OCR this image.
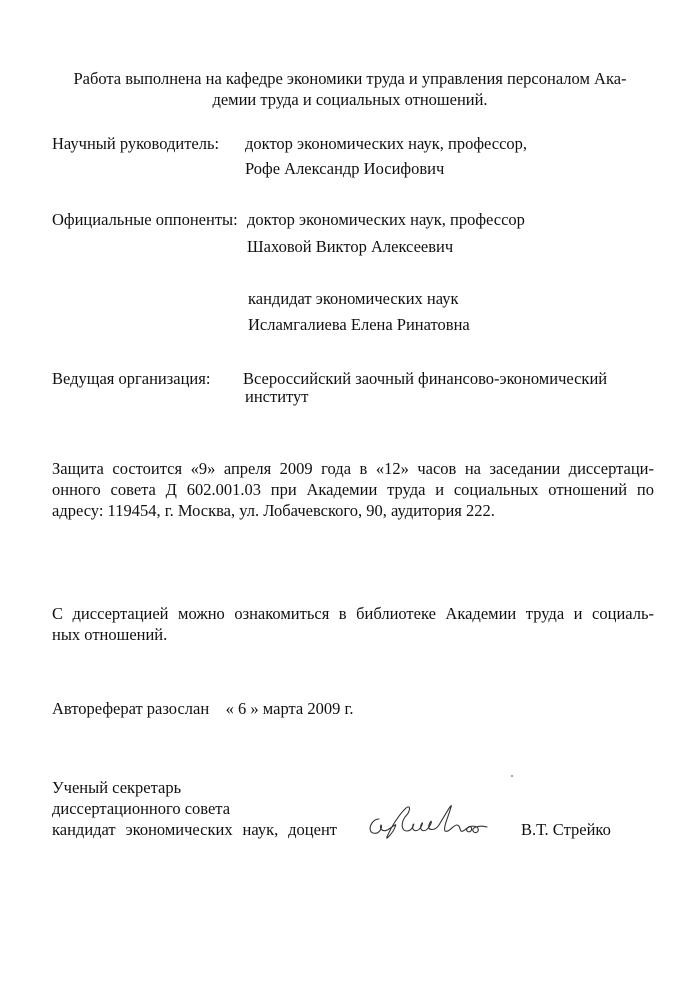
Работа выполнена на кафедре экономики труда и управления персоналом Ака-
демии труда и социальных отношений.
Научный руководитель: доктор экономических наук, профессор,
Рофе Александр Иосифович
Официальные оппоненты: доктор экономических наук, профессор
Шаховой Виктор Алексеевич
кандидат экономических наук
Исламгалиева Елена Ринатовна
Ведущая организация: Всероссийский заочный финансово-экономический
институт
Защита состоится «9» апреля 2009 года в «12» часов на заседании диссертаци-
онного совета Д 602.001.03 при Академии труда и социальных отношений по
адресу: 119454, г. Москва, ул. Лобачевского, 90, аудитория 222.
С диссертацией можно ознакомиться в библиотеке Академии труда и социаль-
ных отношений.
Автореферат разослан    « 6 » марта 2009 г.
Ученый секретарь
диссертационного совета
кандидат экономических наук, доцент	В.Т. Стрейко
